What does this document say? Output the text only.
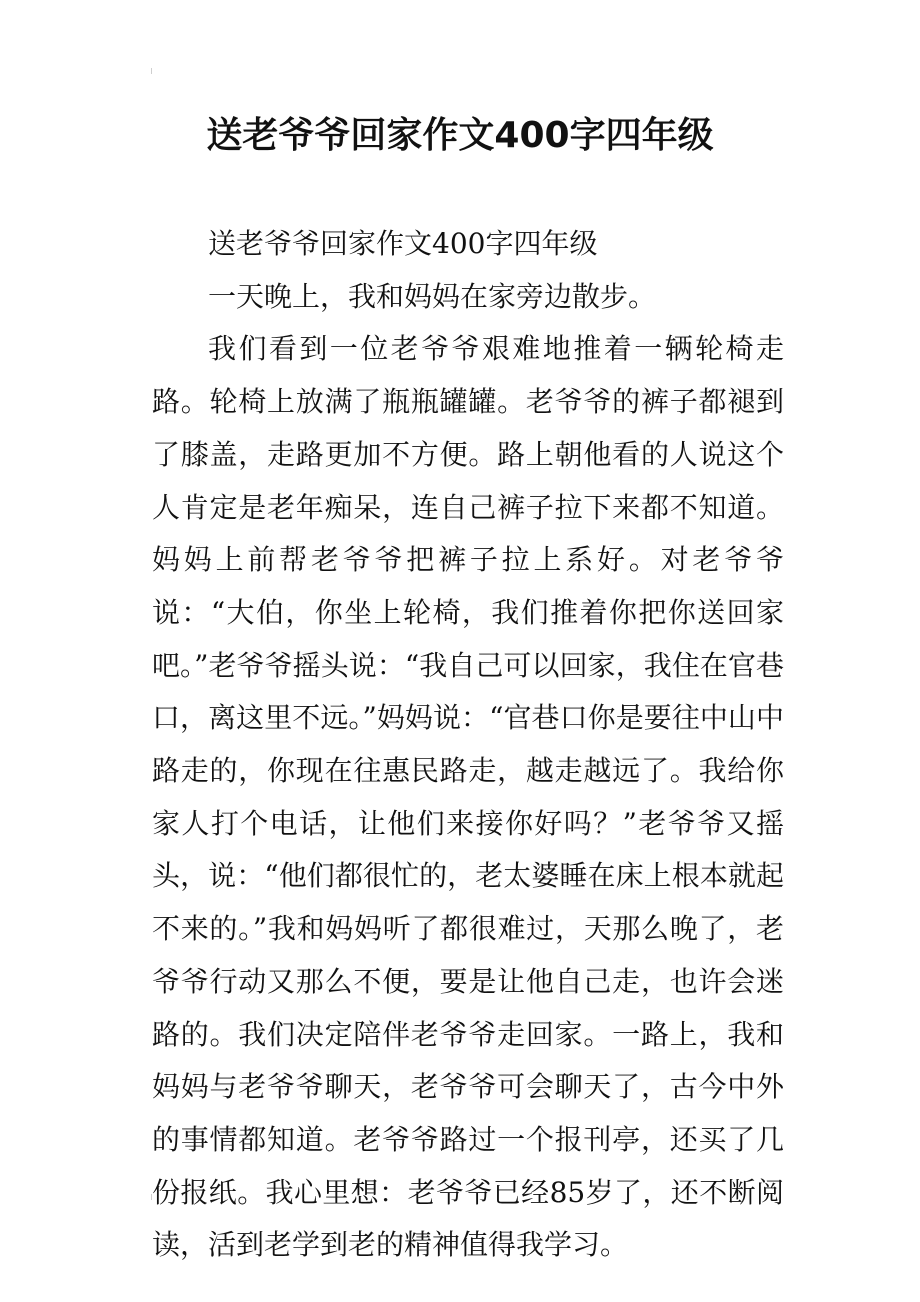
送老爷爷回家作文400字四年级

送老爷爷回家作文400字四年级

一天晚上，我和妈妈在家旁边散步。

我们看到一位老爷爷艰难地推着一辆轮椅走路。轮椅上放满了瓶瓶罐罐。老爷爷的裤子都褪到了膝盖，走路更加不方便。路上朝他看的人说这个人肯定是老年痴呆，连自己裤子拉下来都不知道。妈妈上前帮老爷爷把裤子拉上系好。对老爷爷说：“大伯，你坐上轮椅，我们推着你把你送回家吧。”老爷爷摇头说：“我自己可以回家，我住在官巷口，离这里不远。”妈妈说：“官巷口你是要往中山中路走的，你现在往惠民路走，越走越远了。我给你家人打个电话，让他们来接你好吗？”老爷爷又摇头，说：“他们都很忙的，老太婆睡在床上根本就起不来的。”我和妈妈听了都很难过，天那么晚了，老爷爷行动又那么不便，要是让他自己走，也许会迷路的。我们决定陪伴老爷爷走回家。一路上，我和妈妈与老爷爷聊天，老爷爷可会聊天了，古今中外的事情都知道。老爷爷路过一个报刊亭，还买了几份报纸。我心里想：老爷爷已经85岁了，还不断阅读，活到老学到老的精神值得我学习。
